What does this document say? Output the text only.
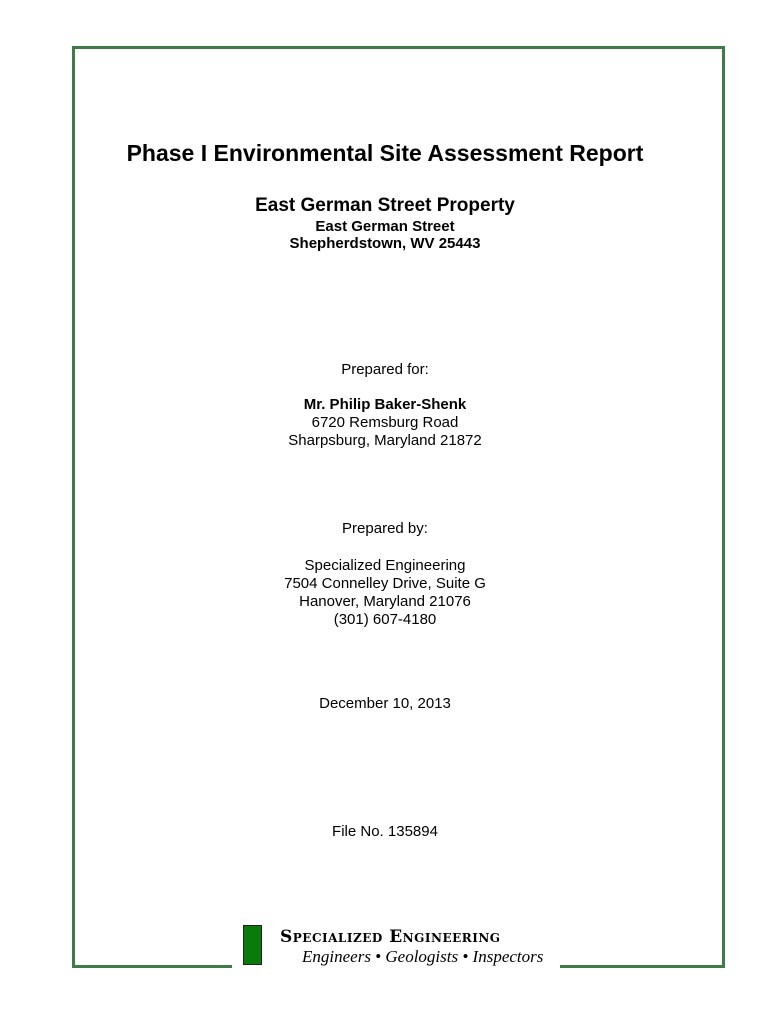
Phase I Environmental Site Assessment Report
East German Street Property
East German Street
Shepherdstown, WV 25443
Prepared for:
Mr. Philip Baker-Shenk
6720 Remsburg Road
Sharpsburg, Maryland 21872
Prepared by:
Specialized Engineering
7504 Connelley Drive, Suite G
Hanover, Maryland 21076
(301) 607-4180
December 10, 2013
File No. 135894
Specialized Engineering
Engineers • Geologists • Inspectors
